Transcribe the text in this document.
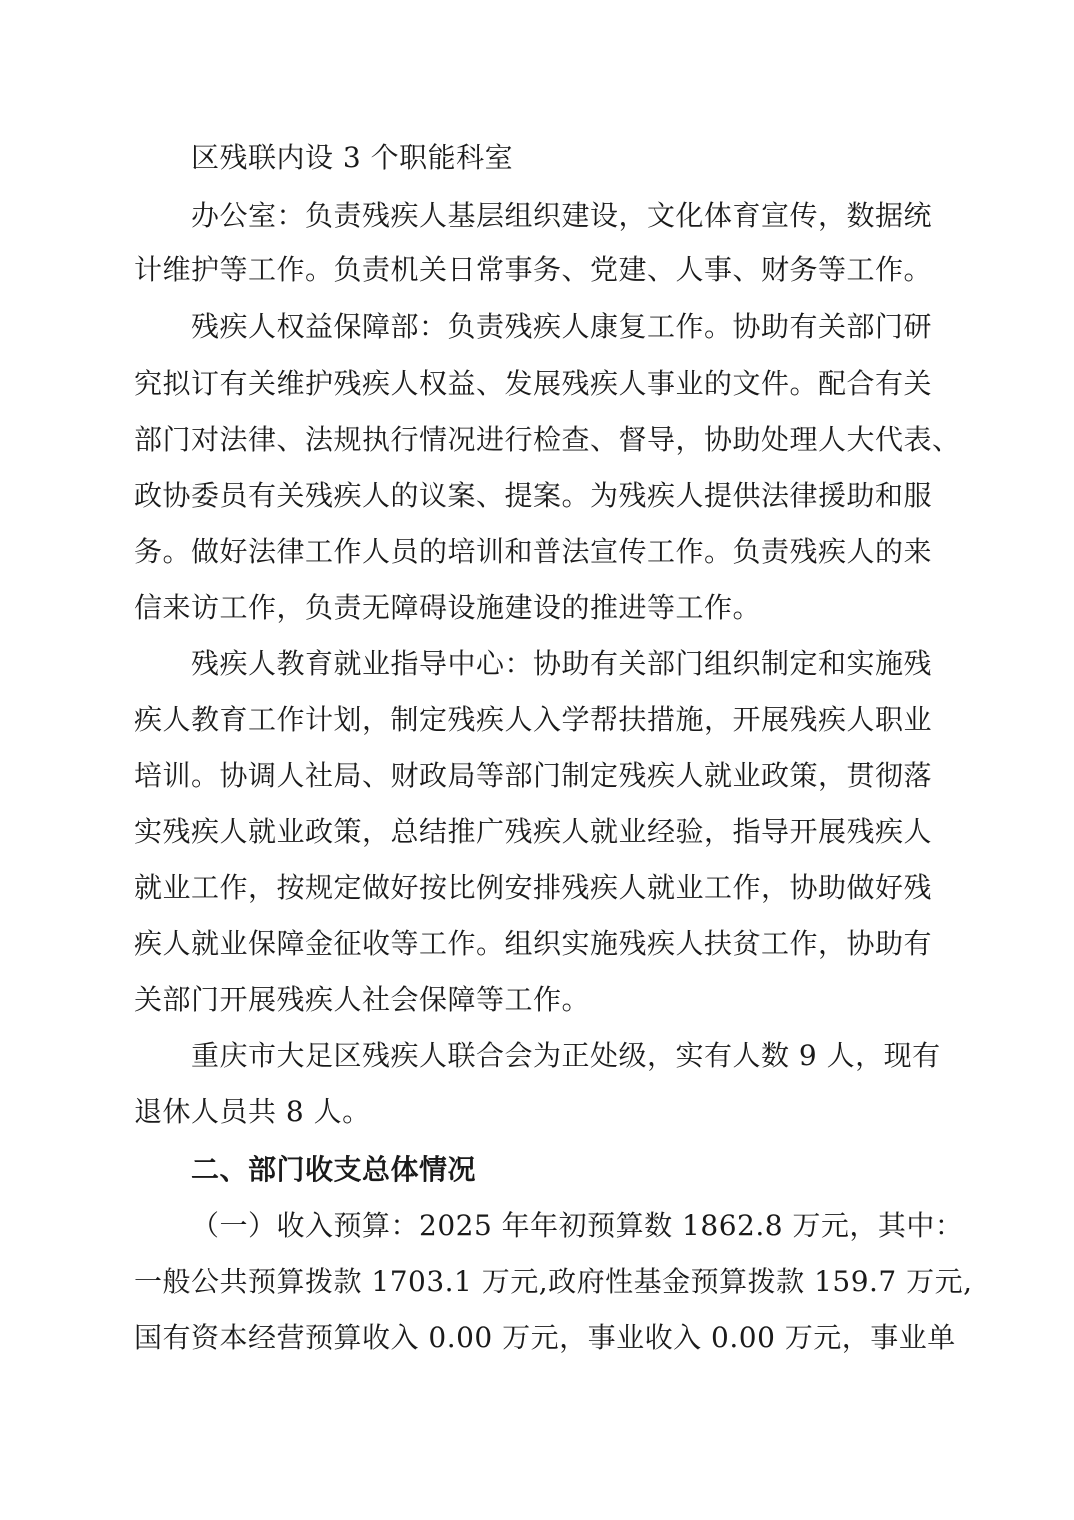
区残联内设 3 个职能科室
办公室：负责残疾人基层组织建设，文化体育宣传，数据统
计维护等工作。负责机关日常事务、党建、人事、财务等工作。
残疾人权益保障部：负责残疾人康复工作。协助有关部门研
究拟订有关维护残疾人权益、发展残疾人事业的文件。配合有关
部门对法律、法规执行情况进行检查、督导，协助处理人大代表、
政协委员有关残疾人的议案、提案。为残疾人提供法律援助和服
务。做好法律工作人员的培训和普法宣传工作。负责残疾人的来
信来访工作，负责无障碍设施建设的推进等工作。
残疾人教育就业指导中心：协助有关部门组织制定和实施残
疾人教育工作计划，制定残疾人入学帮扶措施，开展残疾人职业
培训。协调人社局、财政局等部门制定残疾人就业政策，贯彻落
实残疾人就业政策，总结推广残疾人就业经验，指导开展残疾人
就业工作，按规定做好按比例安排残疾人就业工作，协助做好残
疾人就业保障金征收等工作。组织实施残疾人扶贫工作，协助有
关部门开展残疾人社会保障等工作。
重庆市大足区残疾人联合会为正处级，实有人数 9 人，现有
退休人员共 8 人。
二、部门收支总体情况
（一）收入预算：2025 年年初预算数 1862.8 万元，其中：
一般公共预算拨款 1703.1 万元,政府性基金预算拨款 159.7 万元,
国有资本经营预算收入 0.00 万元，事业收入 0.00 万元，事业单
